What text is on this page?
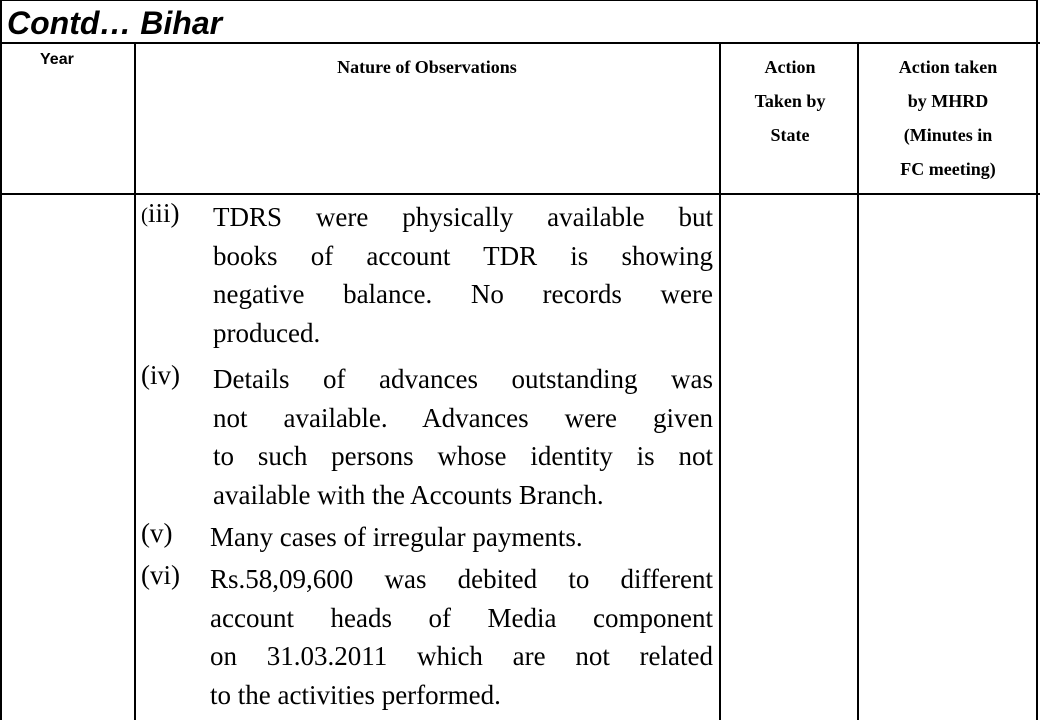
Contd… Bihar
Year	Nature of Observations	Action
Taken by
State
Action taken
by MHRD
(Minutes in
FC meeting)
(iii) TDRS were physically available but
books of account TDR is showing
negative balance. No records were
produced.
(iv) Details of advances outstanding was
not available. Advances were given
to such persons whose identity is not
available with the Accounts Branch.
(v) Many cases of irregular payments.
(vi) Rs.58,09,600 was debited to different
account heads of Media component
on 31.03.2011 which are not related
to the activities performed.
